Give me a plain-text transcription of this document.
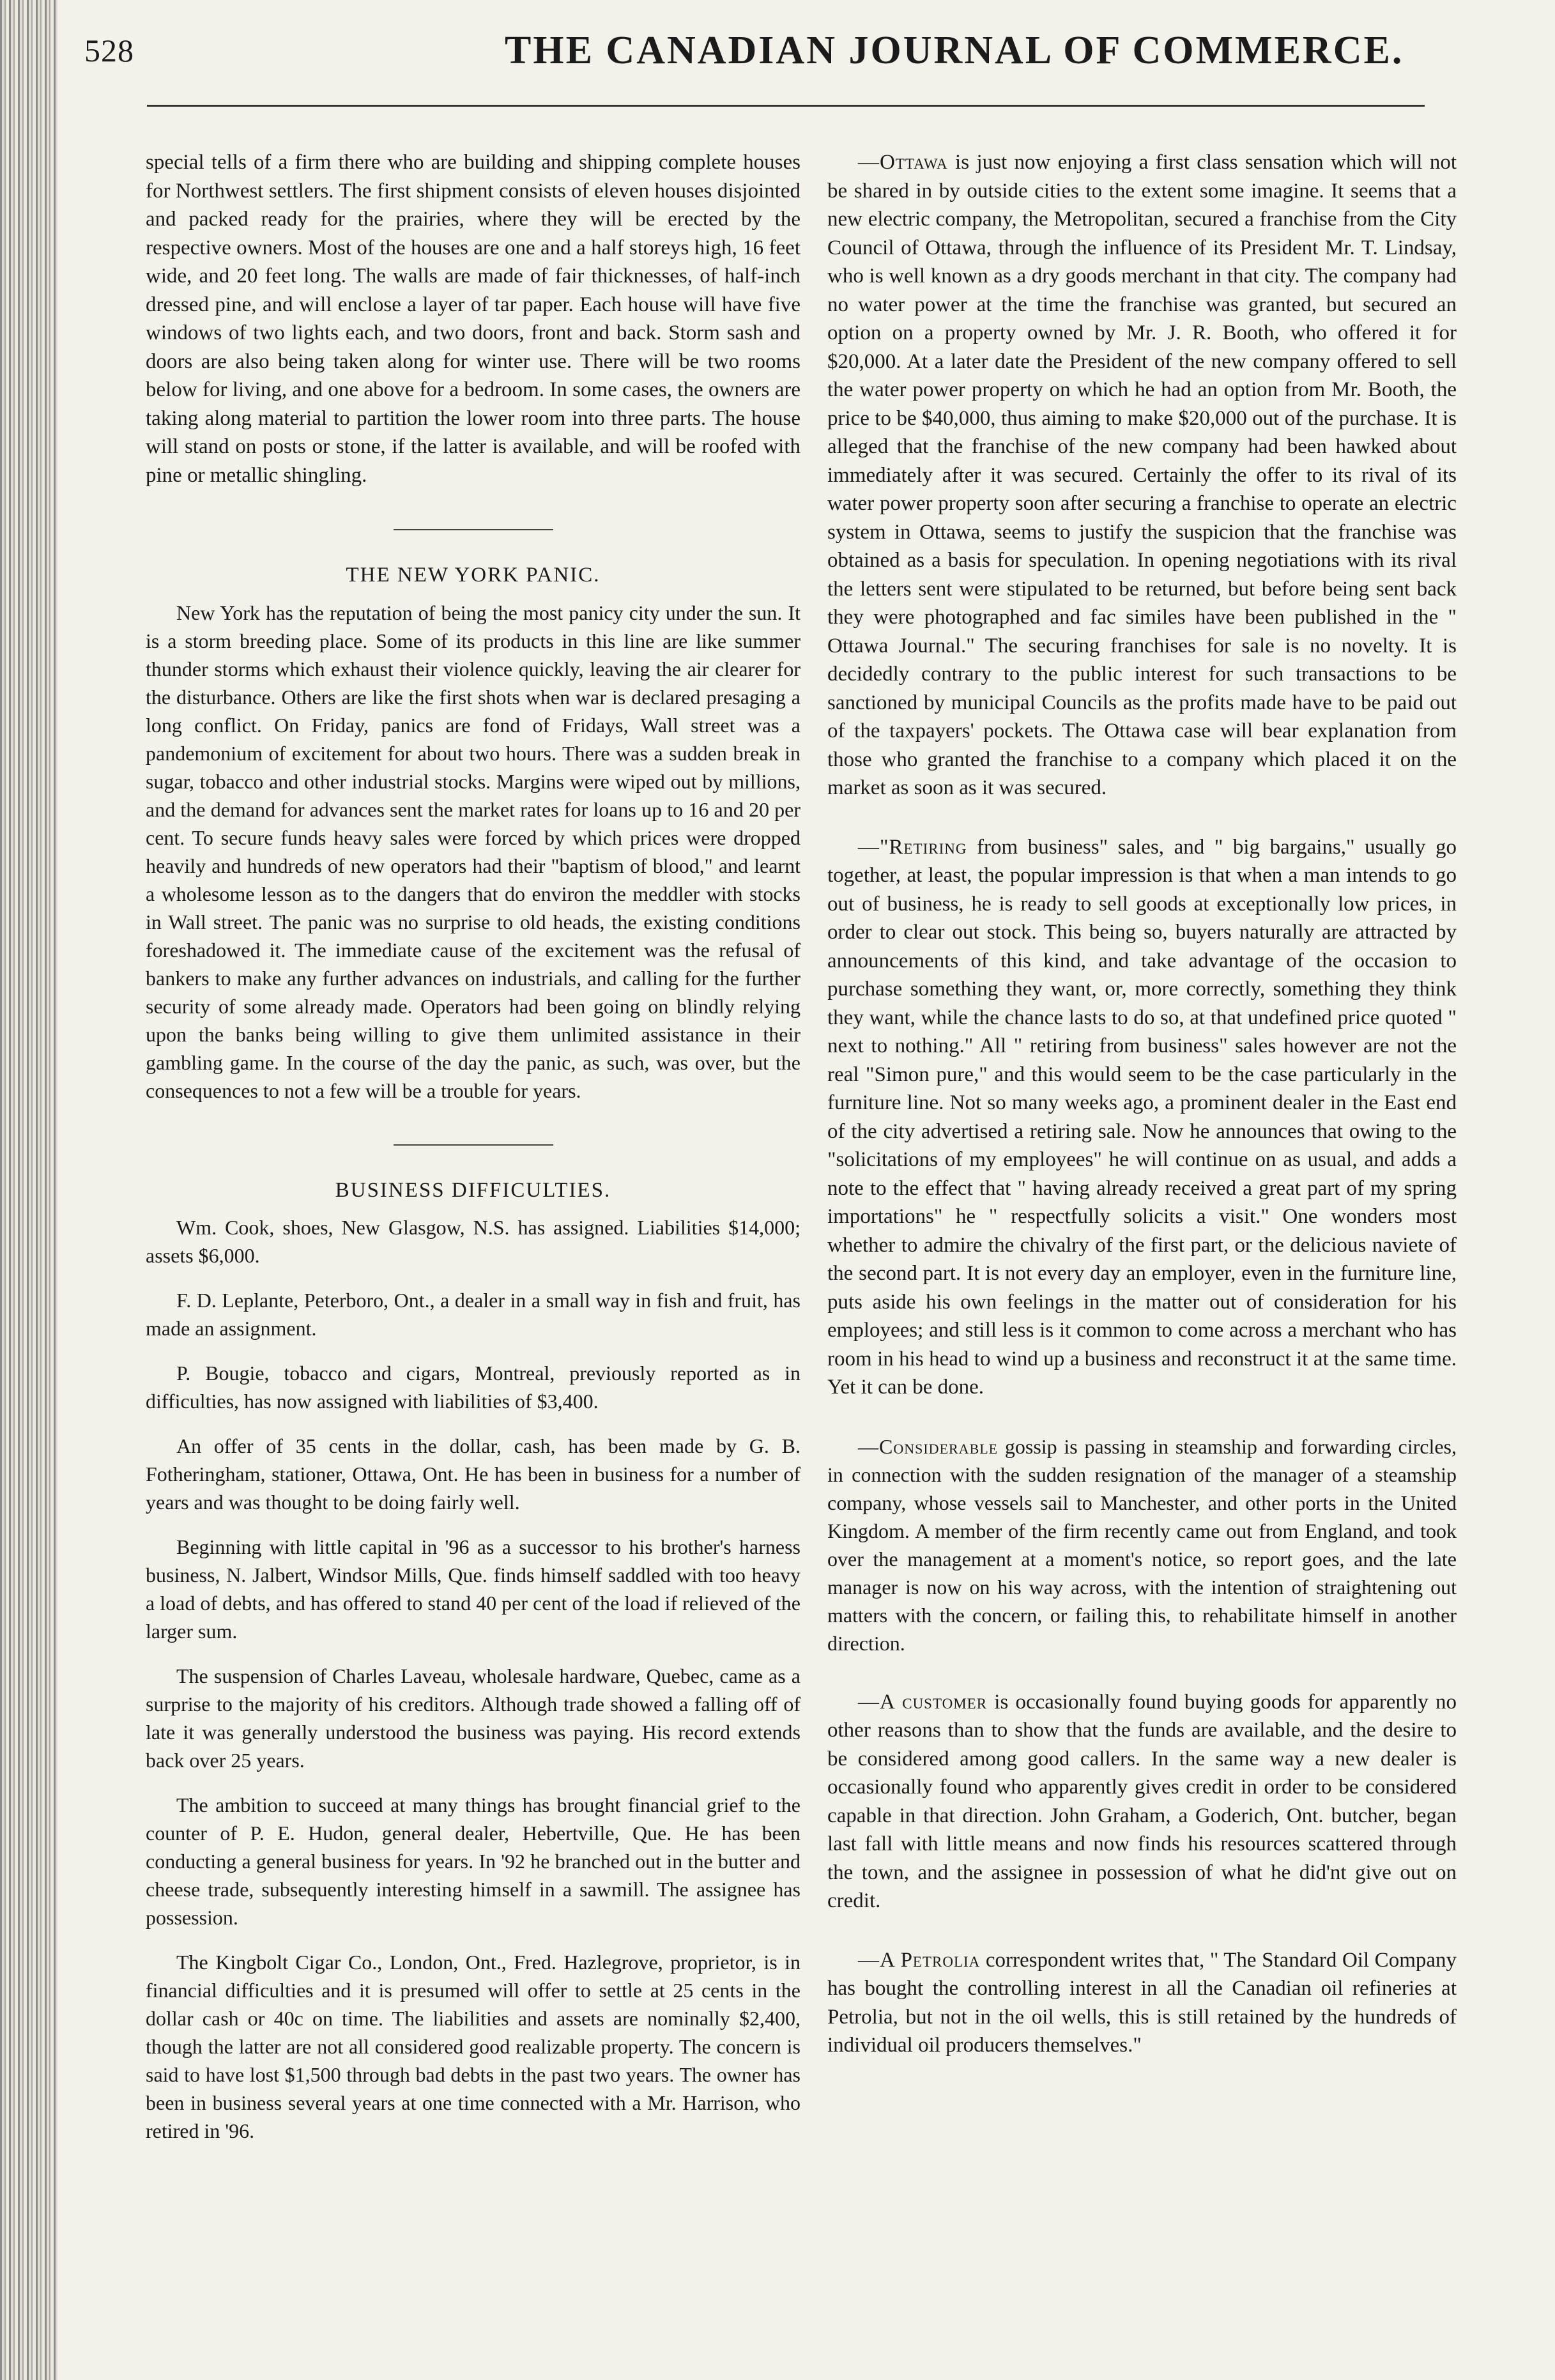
528	THE CANADIAN JOURNAL OF COMMERCE.

special tells of a firm there who are building and shipping complete houses for Northwest settlers. The first shipment consists of eleven houses disjointed and packed ready for the prairies, where they will be erected by the respective owners. Most of the houses are one and a half storeys high, 16 feet wide, and 20 feet long. The walls are made of fair thicknesses, of half-inch dressed pine, and will enclose a layer of tar paper. Each house will have five windows of two lights each, and two doors, front and back. Storm sash and doors are also being taken along for winter use. There will be two rooms below for living, and one above for a bedroom. In some cases, the owners are taking along material to partition the lower room into three parts. The house will stand on posts or stone, if the latter is available, and will be roofed with pine or metallic shingling.

THE NEW YORK PANIC.

New York has the reputation of being the most panicy city under the sun. It is a storm breeding place. Some of its products in this line are like summer thunder storms which exhaust their violence quickly, leaving the air clearer for the disturbance. Others are like the first shots when war is declared presaging a long conflict. On Friday, panics are fond of Fridays, Wall street was a pandemonium of excitement for about two hours. There was a sudden break in sugar, tobacco and other industrial stocks. Margins were wiped out by millions, and the demand for advances sent the market rates for loans up to 16 and 20 per cent. To secure funds heavy sales were forced by which prices were dropped heavily and hundreds of new operators had their "baptism of blood," and learnt a wholesome lesson as to the dangers that do environ the meddler with stocks in Wall street. The panic was no surprise to old heads, the existing conditions foreshadowed it. The immediate cause of the excitement was the refusal of bankers to make any further advances on industrials, and calling for the further security of some already made. Operators had been going on blindly relying upon the banks being willing to give them unlimited assistance in their gambling game. In the course of the day the panic, as such, was over, but the consequences to not a few will be a trouble for years.

BUSINESS DIFFICULTIES.

Wm. Cook, shoes, New Glasgow, N.S. has assigned. Liabilities $14,000; assets $6,000.

F. D. Leplante, Peterboro, Ont., a dealer in a small way in fish and fruit, has made an assignment.

P. Bougie, tobacco and cigars, Montreal, previously reported as in difficulties, has now assigned with liabilities of $3,400.

An offer of 35 cents in the dollar, cash, has been made by G. B. Fotheringham, stationer, Ottawa, Ont. He has been in business for a number of years and was thought to be doing fairly well.

Beginning with little capital in '96 as a successor to his brother's harness business, N. Jalbert, Windsor Mills, Que. finds himself saddled with too heavy a load of debts, and has offered to stand 40 per cent of the load if relieved of the larger sum.

The suspension of Charles Laveau, wholesale hardware, Quebec, came as a surprise to the majority of his creditors. Although trade showed a falling off of late it was generally understood the business was paying. His record extends back over 25 years.

The ambition to succeed at many things has brought financial grief to the counter of P. E. Hudon, general dealer, Hebertville, Que. He has been conducting a general business for years. In '92 he branched out in the butter and cheese trade, subsequently interesting himself in a sawmill. The assignee has possession.

The Kingbolt Cigar Co., London, Ont., Fred. Hazlegrove, proprietor, is in financial difficulties and it is presumed will offer to settle at 25 cents in the dollar cash or 40c on time. The liabilities and assets are nominally $2,400, though the latter are not all considered good realizable property. The concern is said to have lost $1,500 through bad debts in the past two years. The owner has been in business several years at one time connected with a Mr. Harrison, who retired in '96.

—Ottawa is just now enjoying a first class sensation which will not be shared in by outside cities to the extent some imagine. It seems that a new electric company, the Metropolitan, secured a franchise from the City Council of Ottawa, through the influence of its President Mr. T. Lindsay, who is well known as a dry goods merchant in that city. The company had no water power at the time the franchise was granted, but secured an option on a property owned by Mr. J. R. Booth, who offered it for $20,000. At a later date the President of the new company offered to sell the water power property on which he had an option from Mr. Booth, the price to be $40,000, thus aiming to make $20,000 out of the purchase. It is alleged that the franchise of the new company had been hawked about immediately after it was secured. Certainly the offer to its rival of its water power property soon after securing a franchise to operate an electric system in Ottawa, seems to justify the suspicion that the franchise was obtained as a basis for speculation. In opening negotiations with its rival the letters sent were stipulated to be returned, but before being sent back they were photographed and fac similes have been published in the " Ottawa Journal." The securing franchises for sale is no novelty. It is decidedly contrary to the public interest for such transactions to be sanctioned by municipal Councils as the profits made have to be paid out of the taxpayers' pockets. The Ottawa case will bear explanation from those who granted the franchise to a company which placed it on the market as soon as it was secured.

—"Retiring from business" sales, and " big bargains," usually go together, at least, the popular impression is that when a man intends to go out of business, he is ready to sell goods at exceptionally low prices, in order to clear out stock. This being so, buyers naturally are attracted by announcements of this kind, and take advantage of the occasion to purchase something they want, or, more correctly, something they think they want, while the chance lasts to do so, at that undefined price quoted " next to nothing." All " retiring from business" sales however are not the real "Simon pure," and this would seem to be the case particularly in the furniture line. Not so many weeks ago, a prominent dealer in the East end of the city advertised a retiring sale. Now he announces that owing to the "solicitations of my employees" he will continue on as usual, and adds a note to the effect that " having already received a great part of my spring importations" he " respectfully solicits a visit." One wonders most whether to admire the chivalry of the first part, or the delicious naviete of the second part. It is not every day an employer, even in the furniture line, puts aside his own feelings in the matter out of consideration for his employees; and still less is it common to come across a merchant who has room in his head to wind up a business and reconstruct it at the same time. Yet it can be done.

—Considerable gossip is passing in steamship and forwarding circles, in connection with the sudden resignation of the manager of a steamship company, whose vessels sail to Manchester, and other ports in the United Kingdom. A member of the firm recently came out from England, and took over the management at a moment's notice, so report goes, and the late manager is now on his way across, with the intention of straightening out matters with the concern, or failing this, to rehabilitate himself in another direction.

—A customer is occasionally found buying goods for apparently no other reasons than to show that the funds are available, and the desire to be considered among good callers. In the same way a new dealer is occasionally found who apparently gives credit in order to be considered capable in that direction. John Graham, a Goderich, Ont. butcher, began last fall with little means and now finds his resources scattered through the town, and the assignee in possession of what he did'nt give out on credit.

—A Petrolia correspondent writes that, " The Standard Oil Company has bought the controlling interest in all the Canadian oil refineries at Petrolia, but not in the oil wells, this is still retained by the hundreds of individual oil producers themselves."
